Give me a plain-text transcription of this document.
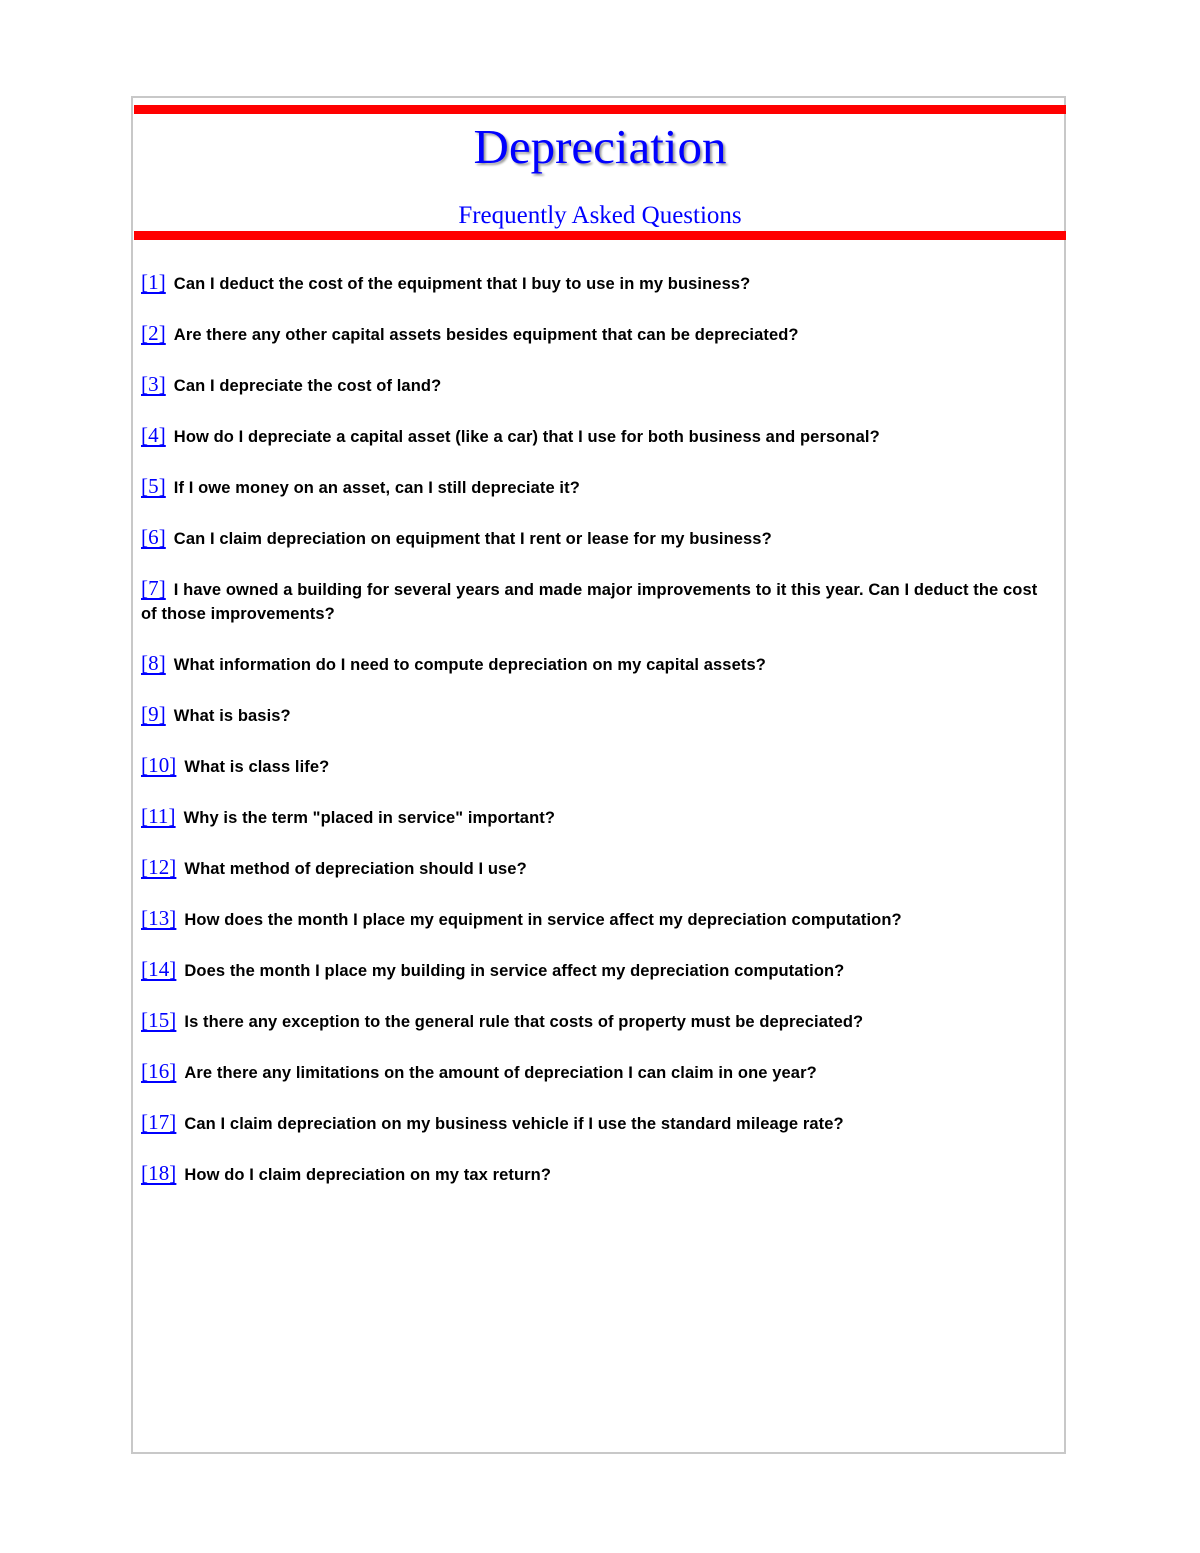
Depreciation
Frequently Asked Questions
[1] Can I deduct the cost of the equipment that I buy to use in my business?
[2] Are there any other capital assets besides equipment that can be depreciated?
[3] Can I depreciate the cost of land?
[4] How do I depreciate a capital asset (like a car) that I use for both business and personal?
[5] If I owe money on an asset, can I still depreciate it?
[6] Can I claim depreciation on equipment that I rent or lease for my business?
[7] I have owned a building for several years and made major improvements to it this year. Can I deduct the cost of those improvements?
[8] What information do I need to compute depreciation on my capital assets?
[9] What is basis?
[10] What is class life?
[11] Why is the term "placed in service" important?
[12] What method of depreciation should I use?
[13] How does the month I place my equipment in service affect my depreciation computation?
[14] Does the month I place my building in service affect my depreciation computation?
[15] Is there any exception to the general rule that costs of property must be depreciated?
[16] Are there any limitations on the amount of depreciation I can claim in one year?
[17] Can I claim depreciation on my business vehicle if I use the standard mileage rate?
[18] How do I claim depreciation on my tax return?
